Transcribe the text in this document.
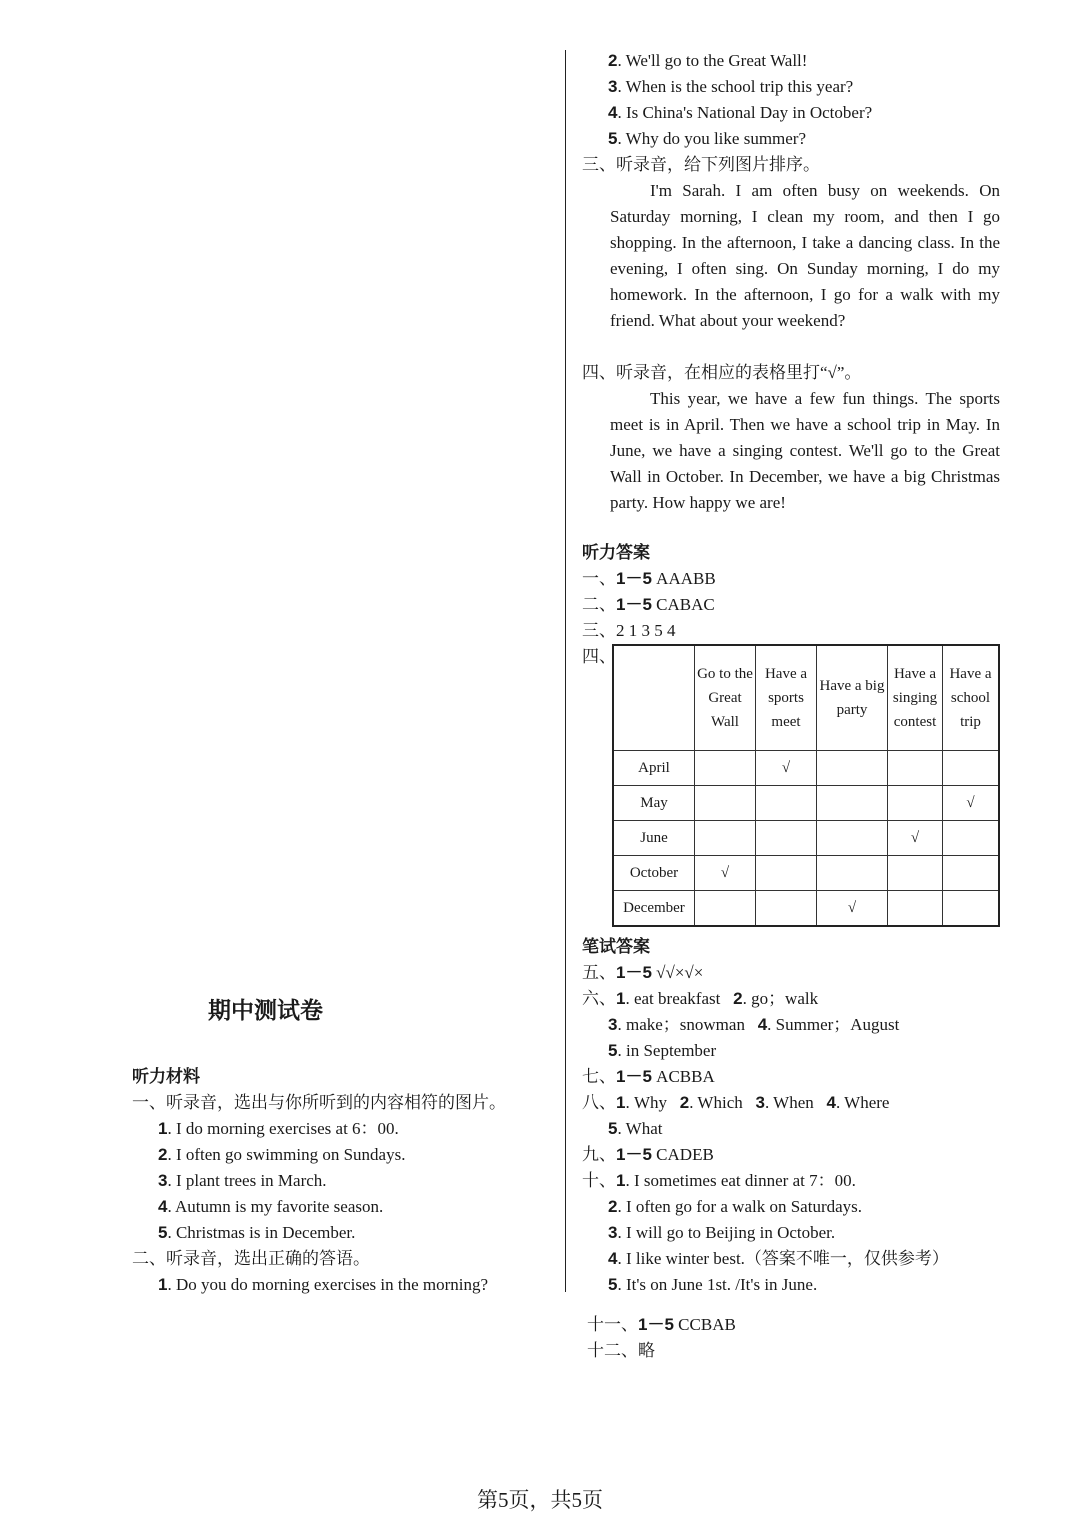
期中测试卷
听力材料
一、听录音，选出与你所听到的内容相符的图片。
1. I do morning exercises at 6：00.
2. I often go swimming on Sundays.
3. I plant trees in March.
4. Autumn is my favorite season.
5. Christmas is in December.
二、听录音，选出正确的答语。
1. Do you do morning exercises in the morning?
2. We'll go to the Great Wall!
3. When is the school trip this year?
4. Is China's National Day in October?
5. Why do you like summer?
三、听录音，给下列图片排序。
I'm Sarah. I am often busy on weekends. On Saturday morning, I clean my room, and then I go shopping. In the afternoon, I take a dancing class. In the evening, I often sing. On Sunday morning, I do my homework. In the afternoon, I go for a walk with my friend. What about your weekend?
四、听录音，在相应的表格里打“√”。
This year, we have a few fun things. The sports meet is in April. Then we have a school trip in May. In June, we have a singing contest. We'll go to the Great Wall in October. In December, we have a big Christmas party. How happy we are!
听力答案
一、1－5 AAABB
二、1－5 CABAC
三、2 1 3 5 4
四、
	Go to the Great Wall	Have a sports meet	Have a big party	Have a singing contest	Have a school trip
April		√			
May					√
June				√	
October	√				
December			√		
笔试答案
五、1－5 √√×√×
六、1. eat breakfast 2. go；walk
3. make；snowman 4. Summer；August
5. in September
七、1－5 ACBBA
八、1. Why 2. Which 3. When 4. Where
5. What
九、1－5 CADEB
十、1. I sometimes eat dinner at 7：00.
2. I often go for a walk on Saturdays.
3. I will go to Beijing in October.
4. I like winter best.（答案不唯一，仅供参考）
5. It's on June 1st. /It's in June.
十一、1－5 CCBAB
十二、略
第5页，共5页
